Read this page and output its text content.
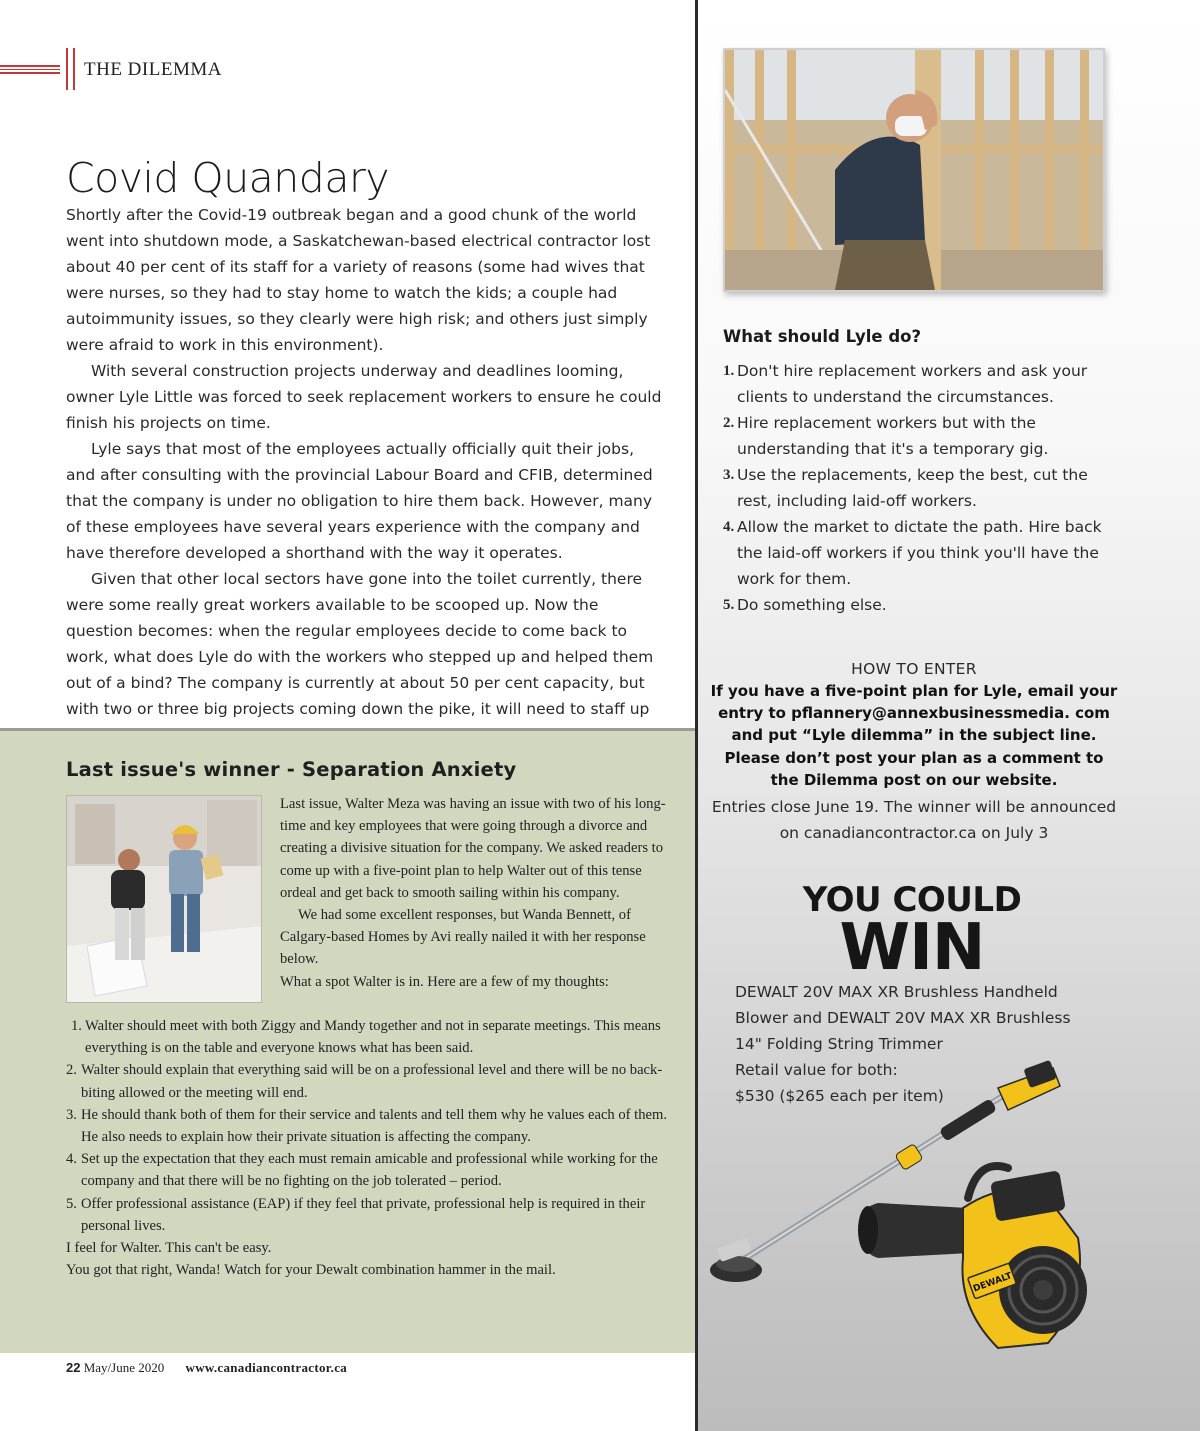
THE DILEMMA
Covid Quandary

Shortly after the Covid-19 outbreak began and a good chunk of the world went into shutdown mode, a Saskatchewan-based electrical contractor lost about 40 per cent of its staff for a variety of reasons (some had wives that were nurses, so they had to stay home to watch the kids; a couple had autoimmunity issues, so they clearly were high risk; and others just simply were afraid to work in this environment).

With several construction projects underway and deadlines looming, owner Lyle Little was forced to seek replacement workers to ensure he could finish his projects on time.

Lyle says that most of the employees actually officially quit their jobs, and after consulting with the provincial Labour Board and CFIB, determined that the company is under no obligation to hire them back. However, many of these employees have several years experience with the company and have therefore developed a shorthand with the way it operates.

Given that other local sectors have gone into the toilet currently, there were some really great workers available to be scooped up. Now the question becomes: when the regular employees decide to come back to work, what does Lyle do with the workers who stepped up and helped them out of a bind? The company is currently at about 50 per cent capacity, but with two or three big projects coming down the pike, it will need to staff up

Last issue's winner - Separation Anxiety

Last issue, Walter Meza was having an issue with two of his long-time and key employees that were going through a divorce and creating a divisive situation for the company. We asked readers to come up with a five-point plan to help Walter out of this tense ordeal and get back to smooth sailing within his company.

We had some excellent responses, but Wanda Bennett, of Calgary-based Homes by Avi really nailed it with her response below.

What a spot Walter is in. Here are a few of my thoughts:

1. Walter should meet with both Ziggy and Mandy together and not in separate meetings. This means everything is on the table and everyone knows what has been said.
2. Walter should explain that everything said will be on a professional level and there will be no back-biting allowed or the meeting will end.
3. He should thank both of them for their service and talents and tell them why he values each of them. He also needs to explain how their private situation is affecting the company.
4. Set up the expectation that they each must remain amicable and professional while working for the company and that there will be no fighting on the job tolerated – period.
5. Offer professional assistance (EAP) if they feel that private, professional help is required in their personal lives.

I feel for Walter. This can't be easy.

You got that right, Wanda! Watch for your Dewalt combination hammer in the mail.

22 May/June 2020 www.canadiancontractor.ca
What should Lyle do?
1. Don't hire replacement workers and ask your clients to understand the circumstances.
2. Hire replacement workers but with the understanding that it's a temporary gig.
3. Use the replacements, keep the best, cut the rest, including laid-off workers.
4. Allow the market to dictate the path. Hire back the laid-off workers if you think you'll have the work for them.
5. Do something else.
HOW TO ENTER
If you have a five-point plan for Lyle, email your entry to pflannery@annexbusinessmedia. com and put “Lyle dilemma” in the subject line. Please don’t post your plan as a comment to the Dilemma post on our website.
Entries close June 19. The winner will be announced on canadiancontractor.ca on July 3
YOU COULD
WIN
DEWALT 20V MAX XR Brushless Handheld Blower and DEWALT 20V MAX XR Brushless 14" Folding String Trimmer
Retail value for both:
$530 ($265 each per item)
DEWALT
